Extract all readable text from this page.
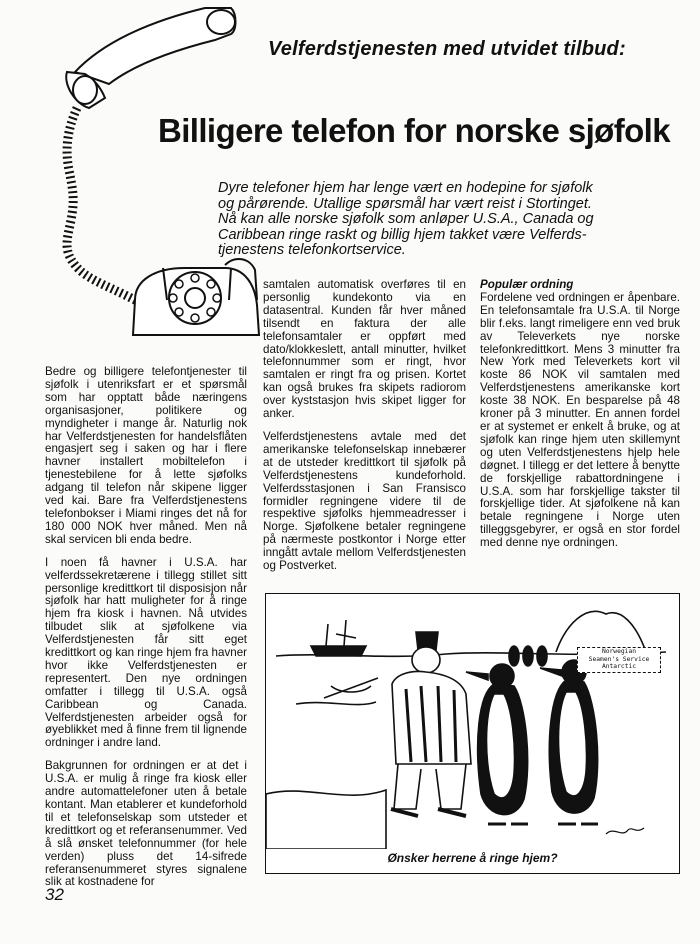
Velferdstjenesten med utvidet tilbud:
Billigere telefon for norske sjøfolk

Dyre telefoner hjem har lenge vært en hodepine for sjøfolk

og pårørende. Utallige spørsmål har vært reist i Stortinget.

Nå kan alle norske sjøfolk som anløper U.S.A., Canada og

Caribbean ringe raskt og billig hjem takket være Velferds-

tjenestens telefonkortservice.

Bedre og billigere telefontjenester til sjøfolk i utenriksfart er et spørsmål som har opptatt både næringens organisasjoner, politikere og myndigheter i mange år. Naturlig nok har Velferdstjenesten for handelsflåten engasjert seg i saken og har i flere havner installert mobiltelefon i tjenestebilene for å lette sjøfolks adgang til telefon når skipene ligger ved kai. Bare fra Velferdstjenestens telefonbokser i Miami ringes det nå for 180 000 NOK hver måned. Men nå skal servicen bli enda bedre.

I noen få havner i U.S.A. har velferdssekretærene i tillegg stillet sitt personlige kredittkort til disposisjon når sjøfolk har hatt muligheter for å ringe hjem fra kiosk i havnen. Nå utvides tilbudet slik at sjøfolkene via Velferdstjenesten får sitt eget kredittkort og kan ringe hjem fra havner hvor ikke Velferdstjenesten er representert. Den nye ordningen omfatter i tillegg til U.S.A. også Caribbean og Canada. Velferdstjenesten arbeider også for øyeblikket med å finne frem til lignende ordninger i andre land.

Bakgrunnen for ordningen er at det i U.S.A. er mulig å ringe fra kiosk eller andre automattelefoner uten å betale kontant. Man etablerer et kundeforhold til et telefonselskap som utsteder et kredittkort og et referansenummer. Ved å slå ønsket telefonnummer (for hele verden) pluss det 14-sifrede referansenummeret styres signalene slik at kostnadene for

samtalen automatisk overføres til en personlig kundekonto via en datasentral. Kunden får hver måned tilsendt en faktura der alle telefonsamtaler er oppført med dato/klokkeslett, antall minutter, hvilket telefonnummer som er ringt, hvor samtalen er ringt fra og prisen. Kortet kan også brukes fra skipets radiorom over kyststasjon hvis skipet ligger for anker.

Velferdstjenestens avtale med det amerikanske telefonselskap innebærer at de utsteder kredittkort til sjøfolk på Velferdstjenestens kundeforhold. Velferdsstasjonen i San Fransisco formidler regningene videre til de respektive sjøfolks hjemmeadresser i Norge. Sjøfolkene betaler regningene på nærmeste postkontor i Norge etter inngått avtale mellom Velferdstjenesten og Postverket.

Populær ordning

Fordelene ved ordningen er åpenbare. En telefonsamtale fra U.S.A. til Norge blir f.eks. langt rimeligere enn ved bruk av Televerkets nye norske telefonkredittkort. Mens 3 minutter fra New York med Televerkets kort vil koste 86 NOK vil samtalen med Velferdstjenestens amerikanske kort koste 38 NOK. En besparelse på 48 kroner på 3 minutter. En annen fordel er at systemet er enkelt å bruke, og at sjøfolk kan ringe hjem uten skillemynt og uten Velferdstjenestens hjelp hele døgnet. I tillegg er det lettere å benytte de forskjellige rabattordningene i U.S.A. som har forskjellige takster til forskjellige tider. At sjøfolkene nå kan betale regningene i Norge uten tilleggsgebyrer, er også en stor fordel med denne nye ordningen.

Norwegian
Seamen's Service
Antarctic
Ønsker herrene å ringe hjem?
32
